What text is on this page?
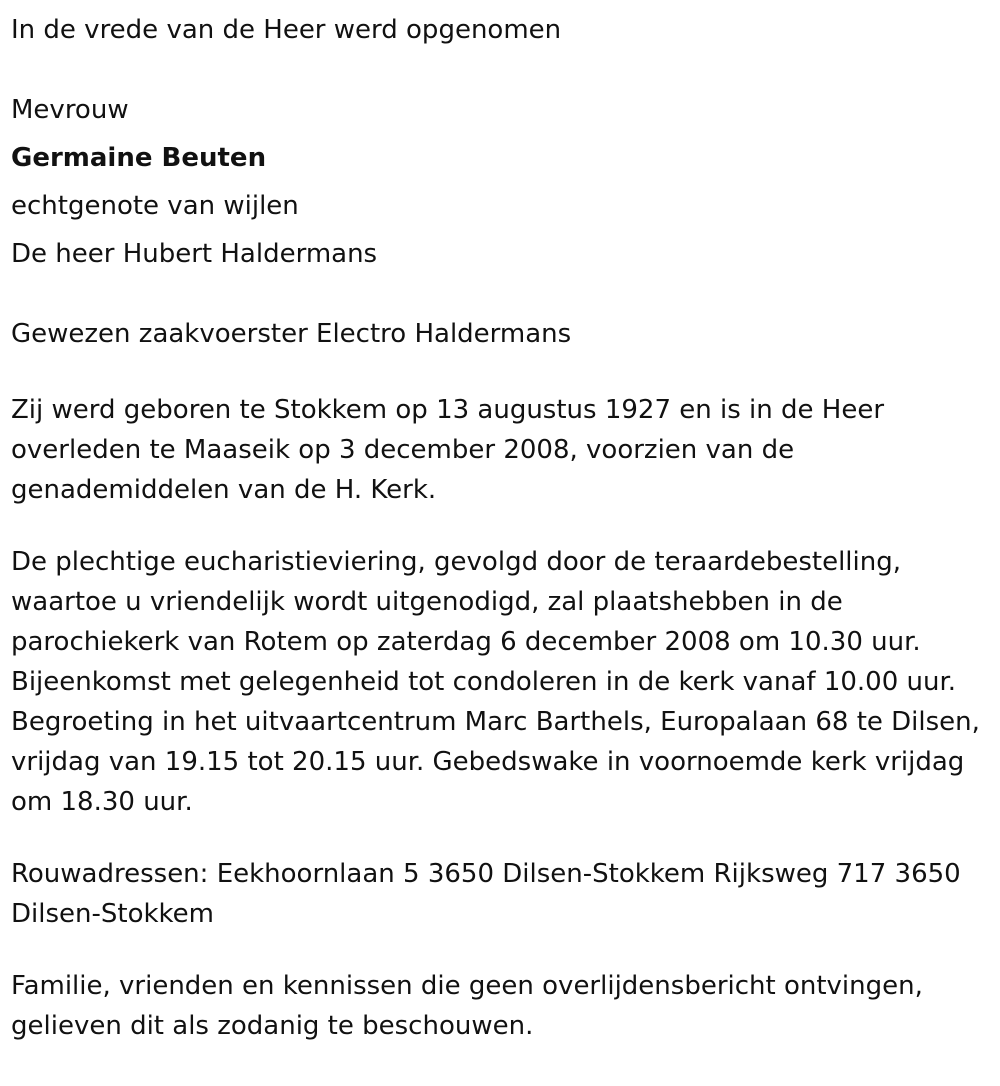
In de vrede van de Heer werd opgenomen

Mevrouw

Germaine Beuten

echtgenote van wijlen

De heer Hubert Haldermans

Gewezen zaakvoerster Electro Haldermans

Zij werd geboren te Stokkem op 13 augustus 1927 en is in de Heer overleden te Maaseik op 3 december 2008, voorzien van de genademiddelen van de H. Kerk.

De plechtige eucharistieviering, gevolgd door de teraardebestelling, waartoe u vriendelijk wordt uitgenodigd, zal plaatshebben in de parochiekerk van Rotem op zaterdag 6 december 2008 om 10.30 uur. Bijeenkomst met gelegenheid tot condoleren in de kerk vanaf 10.00 uur. Begroeting in het uitvaartcentrum Marc Barthels, Europalaan 68 te Dilsen, vrijdag van 19.15 tot 20.15 uur. Gebedswake in voornoemde kerk vrijdag om 18.30 uur.

Rouwadressen: Eekhoornlaan 5 3650 Dilsen-Stokkem Rijksweg 717 3650 Dilsen-Stokkem

Familie, vrienden en kennissen die geen overlijdensbericht ontvingen, gelieven dit als zodanig te beschouwen.
